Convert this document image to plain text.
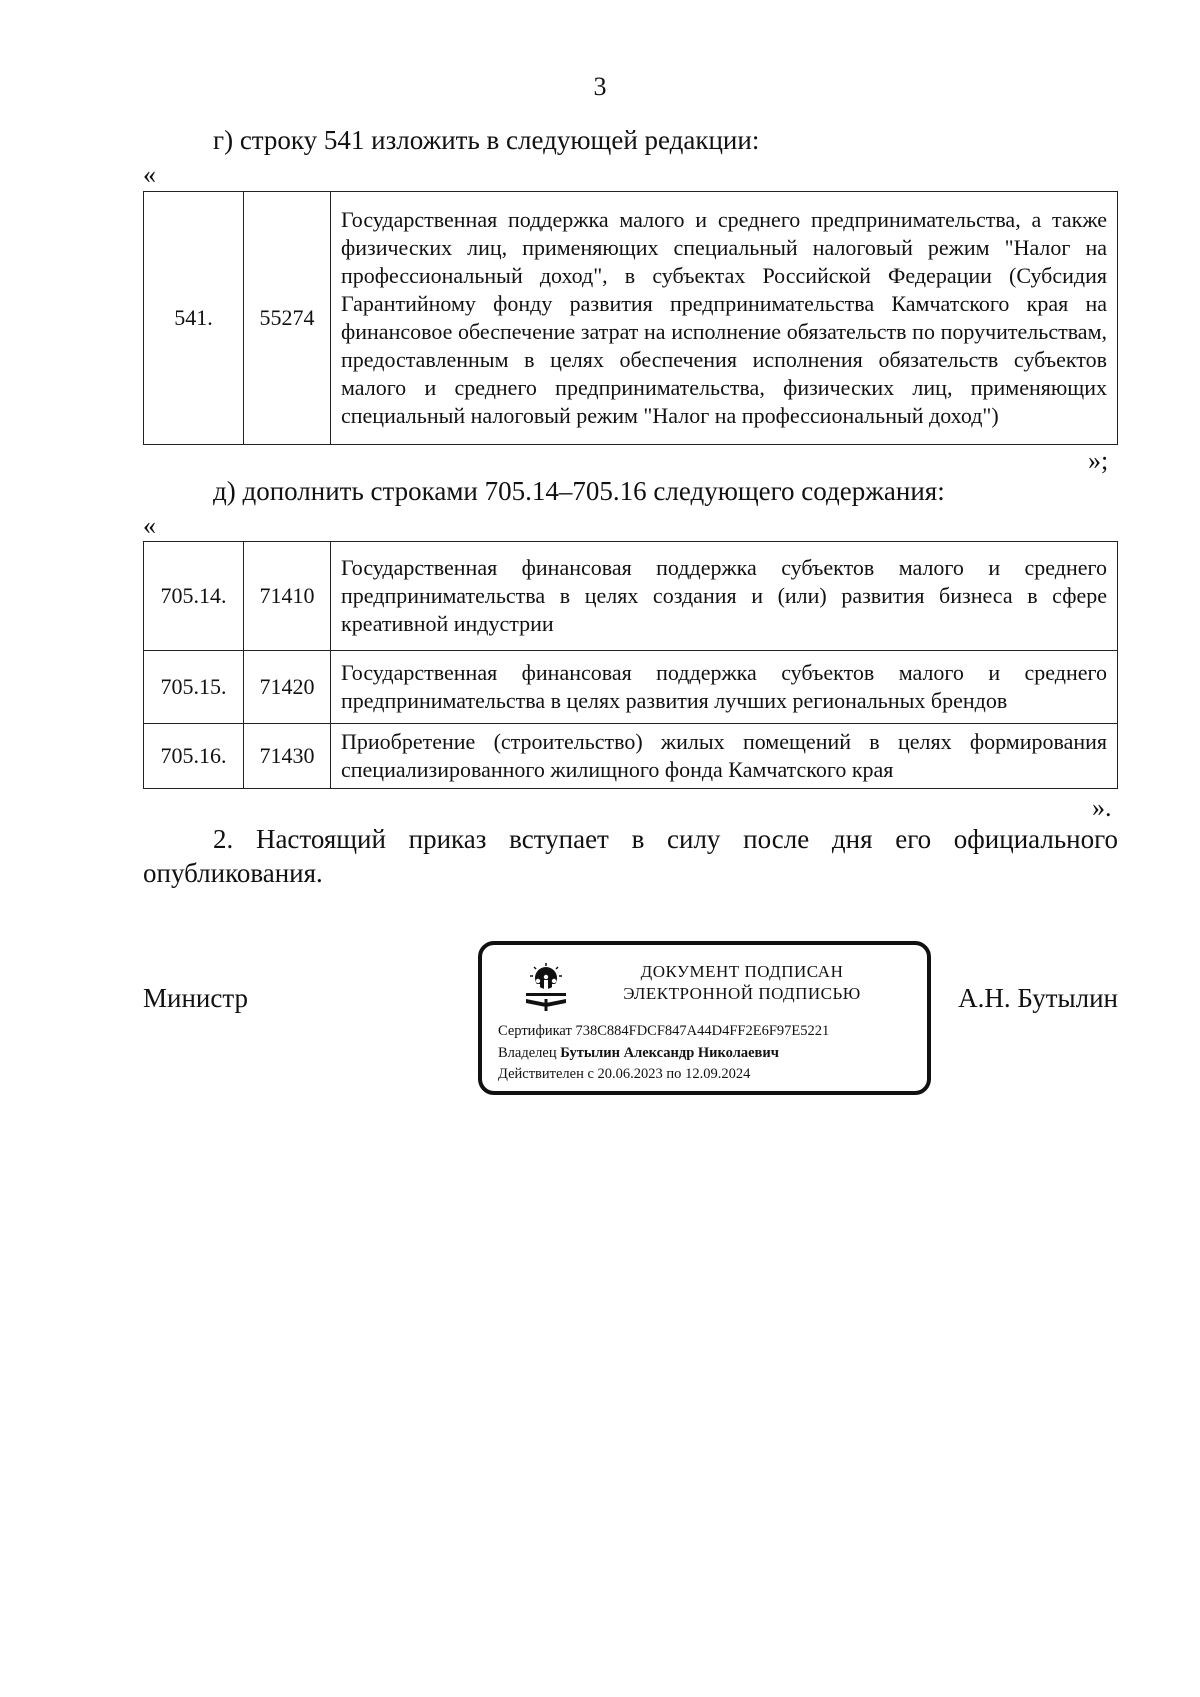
3
г) строку 541 изложить в следующей редакции:
«
541.	55274	Государственная поддержка малого и среднего предпринимательства, а также физических лиц, применяющих специальный налоговый режим "Налог на профессиональный доход", в субъектах Российской Федерации (Субсидия Гарантийному фонду развития предпринимательства Камчатского края на финансовое обеспечение затрат на исполнение обязательств по поручительствам, предоставленным в целях обеспечения исполнения обязательств субъектов малого и среднего предпринимательства, физических лиц, применяющих специальный налоговый режим "Налог на профессиональный доход")
»;
д) дополнить строками 705.14–705.16 следующего содержания:
«
705.14.	71410	Государственная финансовая поддержка субъектов малого и среднего предпринимательства в целях создания и (или) развития бизнеса в сфере креативной индустрии
705.15.	71420	Государственная финансовая поддержка субъектов малого и среднего предпринимательства в целях развития лучших региональных брендов
705.16.	71430	Приобретение (строительство) жилых помещений в целях формирования специализированного жилищного фонда Камчатского края
».
2. Настоящий приказ вступает в силу после дня его официального опубликования.
Министр
ДОКУМЕНТ ПОДПИСАН
ЭЛЕКТРОННОЙ ПОДПИСЬЮ
Сертификат 738C884FDCF847A44D4FF2E6F97E5221
Владелец Бутылин Александр Николаевич
Действителен с 20.06.2023 по 12.09.2024
А.Н. Бутылин
